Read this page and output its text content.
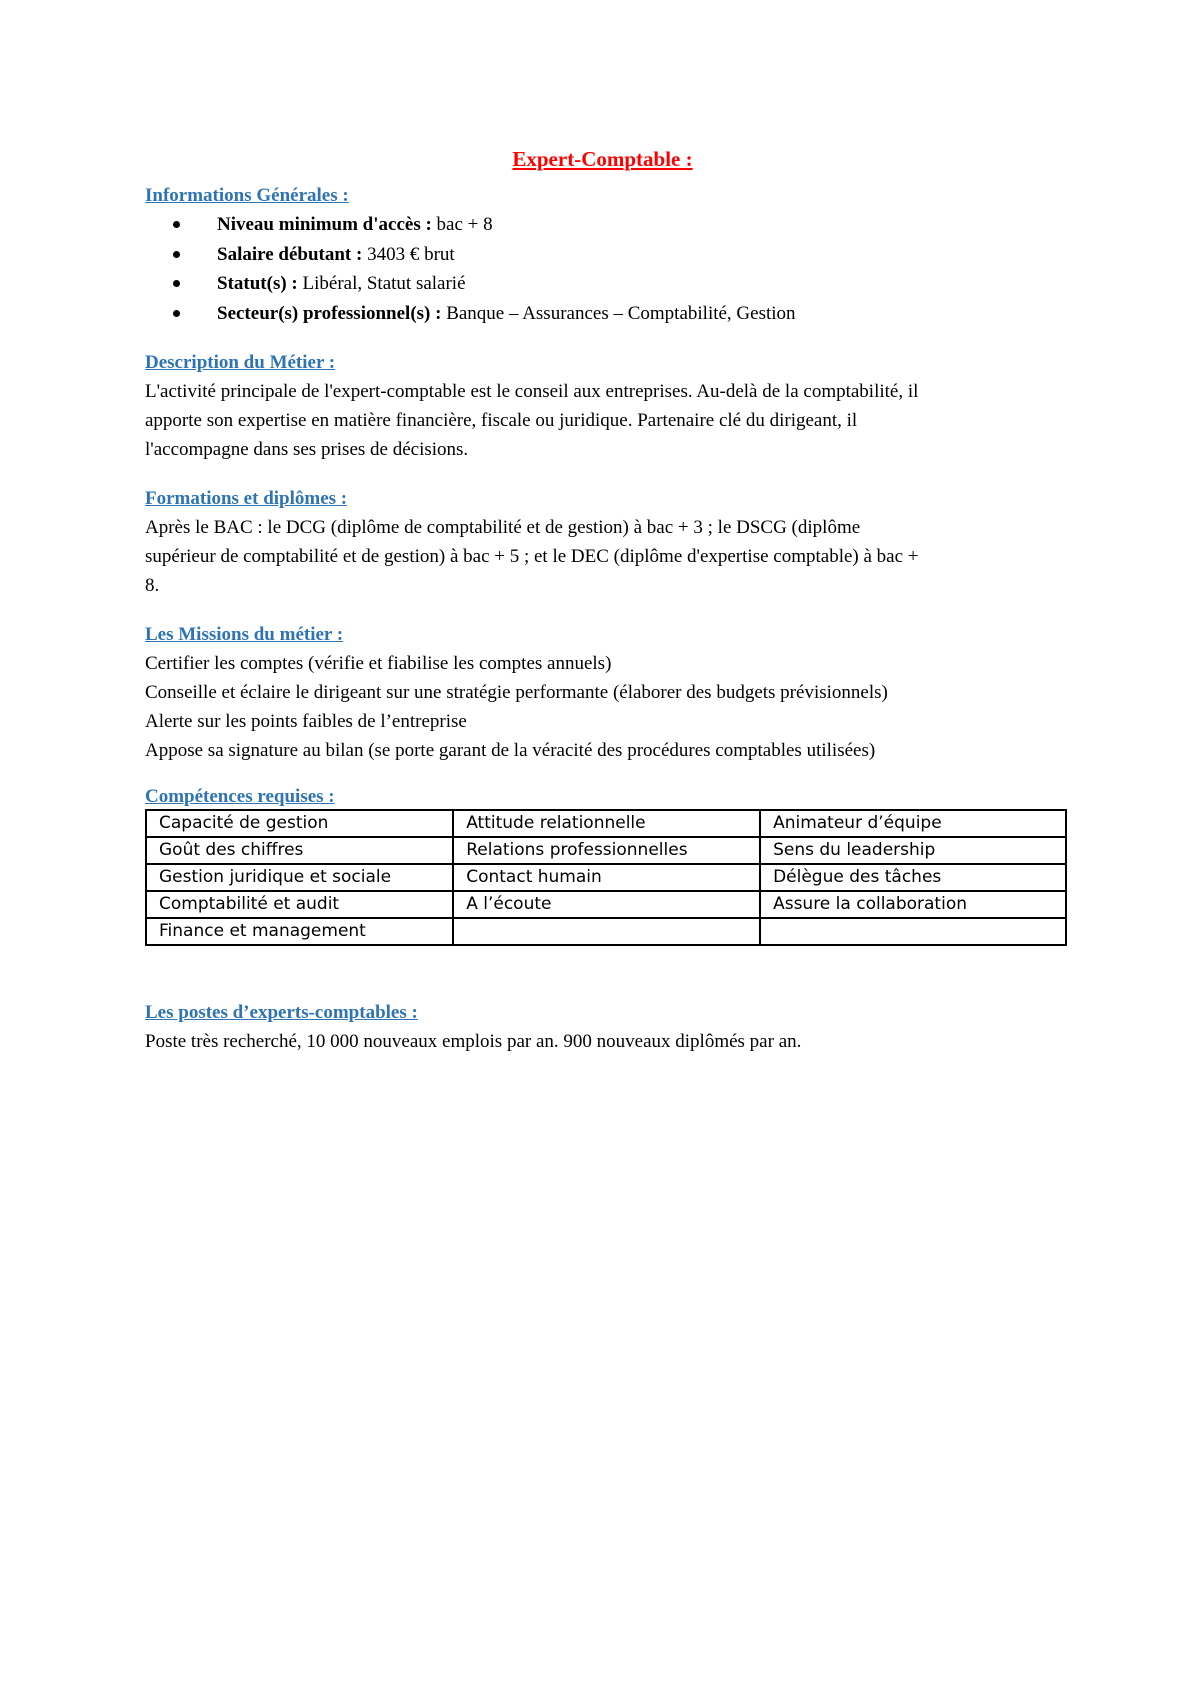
Expert-Comptable :
Informations Générales :
Niveau minimum d'accès : bac + 8
Salaire débutant : 3403 € brut
Statut(s) : Libéral, Statut salarié
Secteur(s) professionnel(s) : Banque – Assurances – Comptabilité, Gestion
Description du Métier :

L'activité principale de l'expert-comptable est le conseil aux entreprises. Au-delà de la comptabilité, il

apporte son expertise en matière financière, fiscale ou juridique. Partenaire clé du dirigeant, il

l'accompagne dans ses prises de décisions.

Formations et diplômes :

Après le BAC : le DCG (diplôme de comptabilité et de gestion) à bac + 3 ; le DSCG (diplôme

supérieur de comptabilité et de gestion) à bac + 5 ; et le DEC (diplôme d'expertise comptable) à bac +

8.

Les Missions du métier :

Certifier les comptes (vérifie et fiabilise les comptes annuels)

Conseille et éclaire le dirigeant sur une stratégie performante (élaborer des budgets prévisionnels)

Alerte sur les points faibles de l’entreprise

Appose sa signature au bilan (se porte garant de la véracité des procédures comptables utilisées)

Compétences requises :
Capacité de gestion	Attitude relationnelle	Animateur d’équipe
Goût des chiffres	Relations professionnelles	Sens du leadership
Gestion juridique et sociale	Contact humain	Délègue des tâches
Comptabilité et audit	A l’écoute	Assure la collaboration
Finance et management		
Les postes d’experts-comptables :

Poste très recherché, 10 000 nouveaux emplois par an. 900 nouveaux diplômés par an.
